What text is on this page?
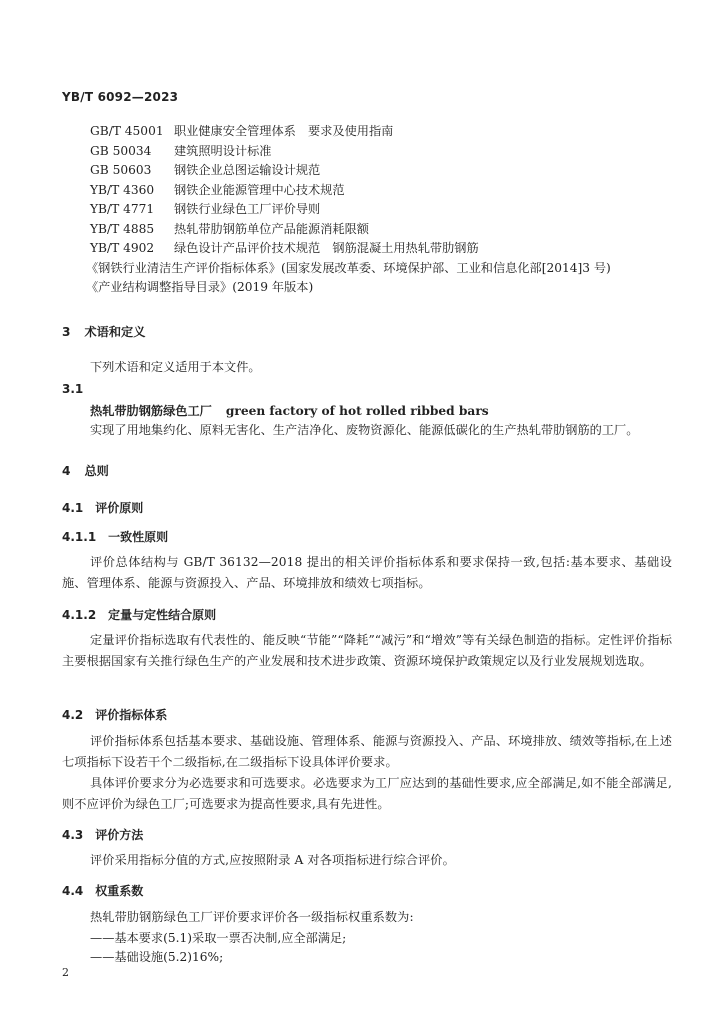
YB/T 6092—2023
GB/T 45001 职业健康安全管理体系　要求及使用指南
GB 50034 建筑照明设计标准
GB 50603 钢铁企业总图运输设计规范
YB/T 4360 钢铁企业能源管理中心技术规范
YB/T 4771 钢铁行业绿色工厂评价导则
YB/T 4885 热轧带肋钢筋单位产品能源消耗限额
YB/T 4902 绿色设计产品评价技术规范　钢筋混凝土用热轧带肋钢筋
《钢铁行业清洁生产评价指标体系》(国家发展改革委、环境保护部、工业和信息化部[2014]3 号)
《产业结构调整指导目录》(2019 年版本)
3 术语和定义
下列术语和定义适用于本文件。
3.1
热轧带肋钢筋绿色工厂 green factory of hot rolled ribbed bars
实现了用地集约化、原料无害化、生产洁净化、废物资源化、能源低碳化的生产热轧带肋钢筋的工厂。
4 总则
4.1 评价原则
4.1.1 一致性原则
评价总体结构与 GB/T 36132—2018 提出的相关评价指标体系和要求保持一致,包括:基本要求、基础设施、管理体系、能源与资源投入、产品、环境排放和绩效七项指标。
4.1.2 定量与定性结合原则
定量评价指标选取有代表性的、能反映“节能”“降耗”“减污”和“增效”等有关绿色制造的指标。定性评价指标主要根据国家有关推行绿色生产的产业发展和技术进步政策、资源环境保护政策规定以及行业发展规划选取。
4.2 评价指标体系
评价指标体系包括基本要求、基础设施、管理体系、能源与资源投入、产品、环境排放、绩效等指标,在上述七项指标下设若干个二级指标,在二级指标下设具体评价要求。
具体评价要求分为必选要求和可选要求。必选要求为工厂应达到的基础性要求,应全部满足,如不能全部满足,则不应评价为绿色工厂;可选要求为提高性要求,具有先进性。
4.3 评价方法
评价采用指标分值的方式,应按照附录 A 对各项指标进行综合评价。
4.4 权重系数
热轧带肋钢筋绿色工厂评价要求评价各一级指标权重系数为:
——基本要求(5.1)采取一票否决制,应全部满足;
——基础设施(5.2)16%;
2
